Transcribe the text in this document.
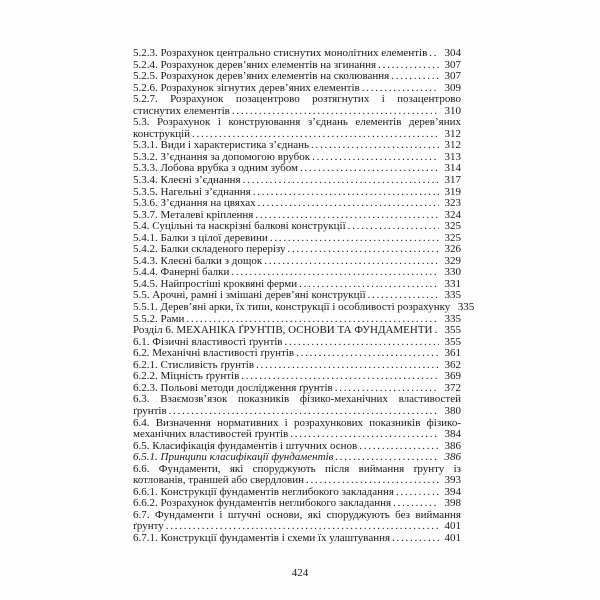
5.2.3. Розрахунок центрально стиснутих монолітних елементів . . .	304
5.2.4. Розрахунок дерев’яних елементів на згинання . . .	307
5.2.5. Розрахунок дерев’яних елементів на сколювання . . .	307
5.2.6. Розрахунок зігнутих дерев’яних елементів . . .	309
5.2.7. Розрахунок позацентрово розтягнутих і позацентрово
стиснутих елементів . . .	310
5.3. Розрахунок і конструювання з’єднань елементів дерев’яних
конструкцій . . .	312
5.3.1. Види і характеристика з’єднань . . .	312
5.3.2. З’єднання за допомогою врубок . . .	313
5.3.3. Лобова врубка з одним зубом . . .	314
5.3.4. Клеєні з’єднання . . .	317
5.3.5. Нагельні з’єднання . . .	319
5.3.6. З’єднання на цвяхах . . .	323
5.3.7. Металеві кріплення . . .	324
5.4. Суцільні та наскрізні балкові конструкції . . .	325
5.4.1. Балки з цілої деревини . . .	325
5.4.2. Балки складеного перерізу . . .	326
5.4.3. Клеєні балки з дощок . . .	329
5.4.4. Фанерні балки . . .	330
5.4.5. Найпростіші кроквяні ферми . . .	331
5.5. Арочні, рамні і змішані дерев’яні конструкції . . .	335
5.5.1. Дерев’яні арки, їх типи, конструкції і особливості розрахунку 335
5.5.2. Рами . . .	335
Розділ 6. МЕХАНІКА ҐРУНТІВ, ОСНОВИ ТА ФУНДАМЕНТИ . . .	355
6.1. Фізичні властивості ґрунтів . . .	355
6.2. Механічні властивості ґрунтів . . .	361
6.2.1. Стисливість ґрунтів . . .	362
6.2.2. Міцність ґрунтів . . .	369
6.2.3. Польові методи дослідження ґрунтів . . .	372
6.3. Взаємозв’язок показників фізико-механічних властивостей
ґрунтів . . .	380
6.4. Визначення нормативних і розрахункових показників фізико-
механічних властивостей ґрунтів . . .	384
6.5. Класифікація фундаментів і штучних основ . . .	386
6.5.1. Принципи класифікації фундаментів . . .	386
6.6. Фундаменти, які споруджують після виймання ґрунту із
котлованів, траншей або свердловин . . .	393
6.6.1. Конструкції фундаментів неглибокого закладання . . .	394
6.6.2. Розрахунок фундаментів неглибокого закладання . . .	398
6.7. Фундаменти і штучні основи, які споруджують без виймання
ґрунту . . .	401
6.7.1. Конструкції фундаментів і схеми їх улаштування . . .	401
424
